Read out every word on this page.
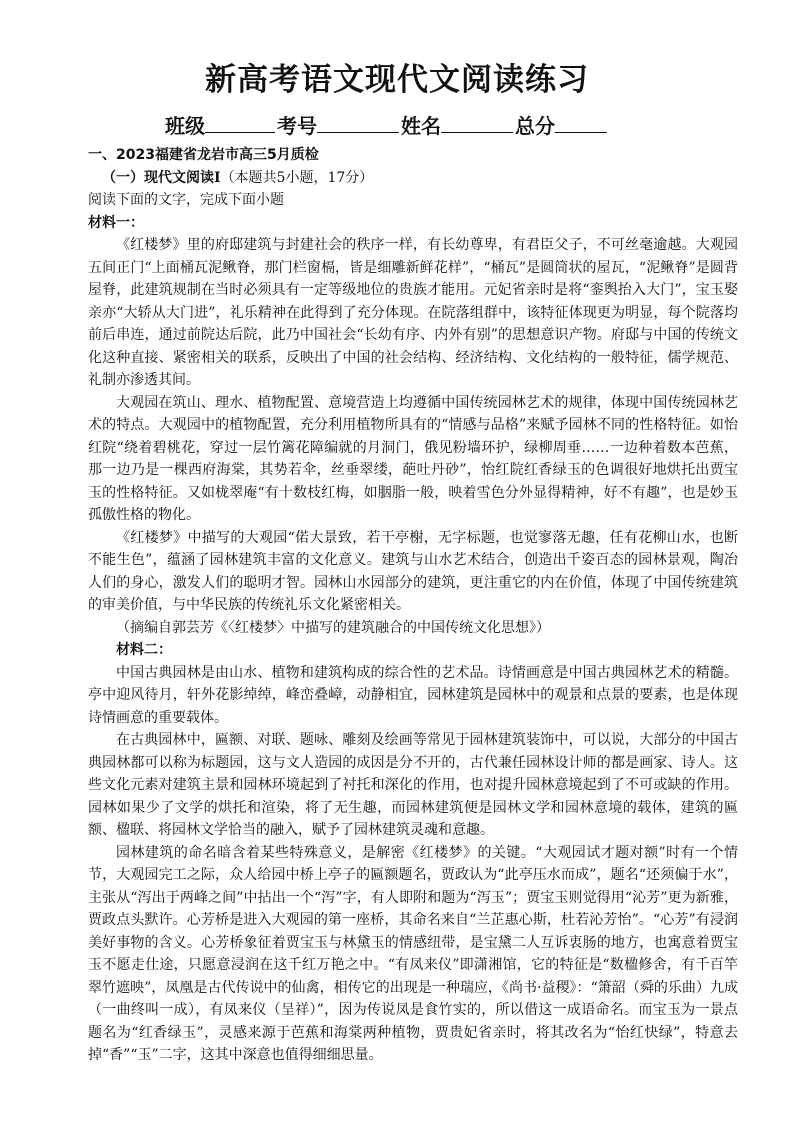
新高考语文现代文阅读练习
班级	考号	姓名	总分

一、2023福建省龙岩市高三5月质检

（一）现代文阅读Ⅰ（本题共5小题，17分）

阅读下面的文字，完成下面小题

材料一：

《红楼梦》里的府邸建筑与封建社会的秩序一样，有长幼尊卑，有君臣父子，不可丝毫逾越。大观园五间正门“上面桶瓦泥鳅脊，那门栏窗槅，皆是细雕新鲜花样”，“桶瓦”是圆筒状的屋瓦，“泥鳅脊”是圆背屋脊，此建筑规制在当时必须具有一定等级地位的贵族才能用。元妃省亲时是将“銮舆抬入大门”，宝玉娶亲亦“大轿从大门进”，礼乐精神在此得到了充分体现。在院落组群中，该特征体现更为明显，每个院落均前后串连，通过前院达后院，此乃中国社会“长幼有序、内外有别”的思想意识产物。府邸与中国的传统文化这种直接、紧密相关的联系，反映出了中国的社会结构、经济结构、文化结构的一般特征，儒学规范、礼制亦渗透其间。

大观园在筑山、理水、植物配置、意境营造上均遵循中国传统园林艺术的规律，体现中国传统园林艺术的特点。大观园中的植物配置，充分利用植物所具有的“情感与品格”来赋予园林不同的性格特征。如怡红院“绕着碧桃花，穿过一层竹篱花障编就的月洞门，俄见粉墙环护，绿柳周垂……一边种着数本芭蕉，那一边乃是一棵西府海棠，其势若伞，丝垂翠缕，葩吐丹砂”，怡红院红香绿玉的色调很好地烘托出贾宝玉的性格特征。又如栊翠庵“有十数枝红梅，如胭脂一般，映着雪色分外显得精神，好不有趣”，也是妙玉孤傲性格的物化。

《红楼梦》中描写的大观园“偌大景致，若干亭榭，无字标题，也觉寥落无趣，任有花柳山水，也断不能生色”，蕴涵了园林建筑丰富的文化意义。建筑与山水艺术结合，创造出千姿百态的园林景观，陶冶人们的身心，激发人们的聪明才智。园林山水园部分的建筑，更注重它的内在价值，体现了中国传统建筑的审美价值，与中华民族的传统礼乐文化紧密相关。

（摘编自郭芸芳《〈红楼梦〉中描写的建筑融合的中国传统文化思想》）

材料二：

中国古典园林是由山水、植物和建筑构成的综合性的艺术品。诗情画意是中国古典园林艺术的精髓。亭中迎风待月，轩外花影绰绰，峰峦叠嶂，动静相宜，园林建筑是园林中的观景和点景的要素，也是体现诗情画意的重要载体。

在古典园林中，匾额、对联、题咏、雕刻及绘画等常见于园林建筑装饰中，可以说，大部分的中国古典园林都可以称为标题园，这与文人造园的成因是分不开的，古代兼任园林设计师的都是画家、诗人。这些文化元素对建筑主景和园林环境起到了衬托和深化的作用，也对提升园林意境起到了不可或缺的作用。园林如果少了文学的烘托和渲染，将了无生趣，而园林建筑便是园林文学和园林意境的载体，建筑的匾额、楹联、将园林文学恰当的融入，赋予了园林建筑灵魂和意趣。

园林建筑的命名暗含着某些特殊意义，是解密《红楼梦》的关键。“大观园试才题对额”时有一个情节，大观园完工之际，众人给园中桥上亭子的匾额题名，贾政认为“此亭压水而成”，题名“还须偏于水”，主张从“泻出于两峰之间”中拈出一个“泻”字，有人即附和题为“泻玉”；贾宝玉则觉得用“沁芳”更为新雅，贾政点头默许。心芳桥是进入大观园的第一座桥，其命名来自“兰芷惠心斯，杜若沁芳怡”。“心芳”有浸润美好事物的含义。心芳桥象征着贾宝玉与林黛玉的情感纽带，是宝黛二人互诉衷肠的地方，也寓意着贾宝玉不愿走仕途，只愿意浸润在这千红万艳之中。“有凤来仪”即潇湘馆，它的特征是“数楹修舍，有千百竿翠竹遮映”，凤凰是古代传说中的仙禽，相传它的出现是一种瑞应，《尚书·益稷》：“箫韶（舜的乐曲）九成（一曲终叫一成），有凤来仪（呈祥）”，因为传说凤是食竹实的，所以借这一成语命名。而宝玉为一景点题名为“红香绿玉”，灵感来源于芭蕉和海棠两种植物，贾贵妃省亲时，将其改名为“怡红快绿”，特意去掉“香”“玉”二字，这其中深意也值得细细思量。
